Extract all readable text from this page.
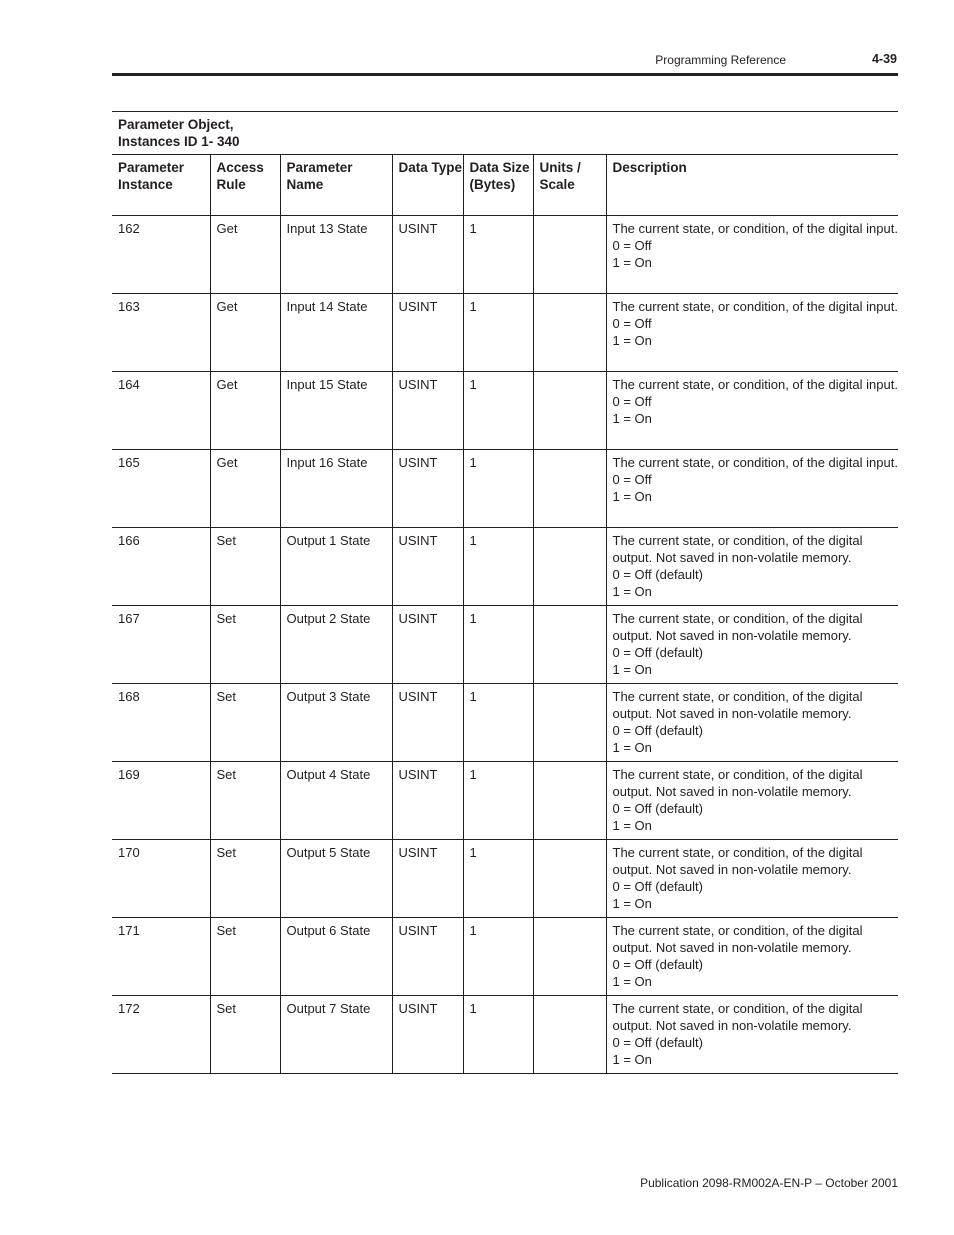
Programming Reference	4-39
Parameter Object,
Instances ID 1- 340						

Parameter Instance	Access Rule	Parameter Name	Data Type	Data Size (Bytes)	Units / Scale	Description
162	Get	Input 13 State	USINT	1		The current state, or condition, of the digital input.
0 = Off
1 = On

163	Get	Input 14 State	USINT	1		The current state, or condition, of the digital input.
0 = Off
1 = On

164	Get	Input 15 State	USINT	1		The current state, or condition, of the digital input.
0 = Off
1 = On

165	Get	Input 16 State	USINT	1		The current state, or condition, of the digital input.
0 = Off
1 = On

166	Set	Output 1 State	USINT	1		The current state, or condition, of the digital output. Not saved in non-volatile memory.
0 = Off (default)
1 = On

167	Set	Output 2 State	USINT	1		The current state, or condition, of the digital output. Not saved in non-volatile memory.
0 = Off (default)
1 = On

168	Set	Output 3 State	USINT	1		The current state, or condition, of the digital output. Not saved in non-volatile memory.
0 = Off (default)
1 = On

169	Set	Output 4 State	USINT	1		The current state, or condition, of the digital output. Not saved in non-volatile memory.
0 = Off (default)
1 = On

170	Set	Output 5 State	USINT	1		The current state, or condition, of the digital output. Not saved in non-volatile memory.
0 = Off (default)
1 = On

171	Set	Output 6 State	USINT	1		The current state, or condition, of the digital output. Not saved in non-volatile memory.
0 = Off (default)
1 = On

172	Set	Output 7 State	USINT	1		The current state, or condition, of the digital output. Not saved in non-volatile memory.
0 = Off (default)
1 = On
Publication 2098-RM002A-EN-P – October 2001
